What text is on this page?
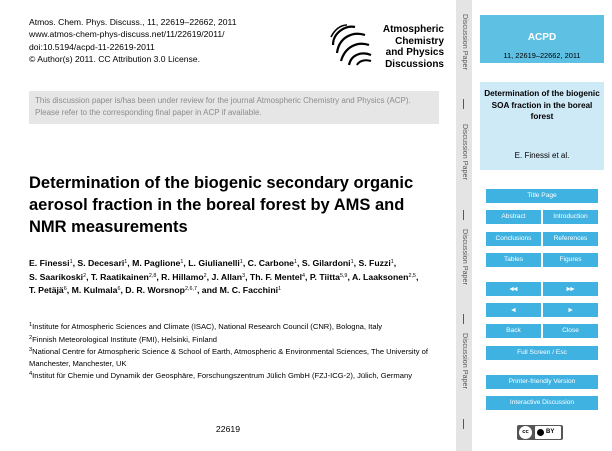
Atmos. Chem. Phys. Discuss., 11, 22619–22662, 2011
www.atmos-chem-phys-discuss.net/11/22619/2011/
doi:10.5194/acpd-11-22619-2011
© Author(s) 2011. CC Attribution 3.0 License.
Atmospheric
Chemistry
and Physics
Discussions
This discussion paper is/has been under review for the journal Atmospheric Chemistry and Physics (ACP). Please refer to the corresponding final paper in ACP if available.
Determination of the biogenic secondary organic aerosol fraction in the boreal forest by AMS and NMR measurements
E. Finessi$^1$, S. Decesari$^1$, M. Paglione$^1$, L. Giulianelli$^1$, C. Carbone$^1$, S. Gilardoni$^1$, S. Fuzzi$^1$, S. Saarikoski$^2$, T. Raatikainen$^{2,8}$, R. Hillamo$^2$, J. Allan$^3$, Th. F. Mentel$^4$, P. Tiitta$^{5,9}$, A. Laaksonen$^{2,5}$, T. Petäjä$^6$, M. Kulmala$^6$, D. R. Worsnop$^{2,6,7}$, and M. C. Facchini$^1$
$^1$Institute for Atmospheric Sciences and Climate (ISAC), National Research Council (CNR), Bologna, Italy
$^2$Finnish Meteorological Institute (FMI), Helsinki, Finland
$^3$National Centre for Atmospheric Science & School of Earth, Atmospheric & Environmental Sciences, The University of Manchester, Manchester, UK
$^4$Institut für Chemie und Dynamik der Geosphäre, Forschungszentrum Jülich GmbH (FZJ-ICG-2), Jülich, Germany
22619
Discussion Paper
Discussion Paper
Discussion Paper
Discussion Paper
ACPD
11, 22619–22662, 2011
Determination of the biogenic SOA fraction in the boreal forest
E. Finessi et al.
Title Page
Abstract	Introduction
Conclusions	References
Tables	Figures
◂◂	▸▸
◂	▸
Back	Close
Full Screen / Esc
Printer-friendly Version
Interactive Discussion
cc	BY
